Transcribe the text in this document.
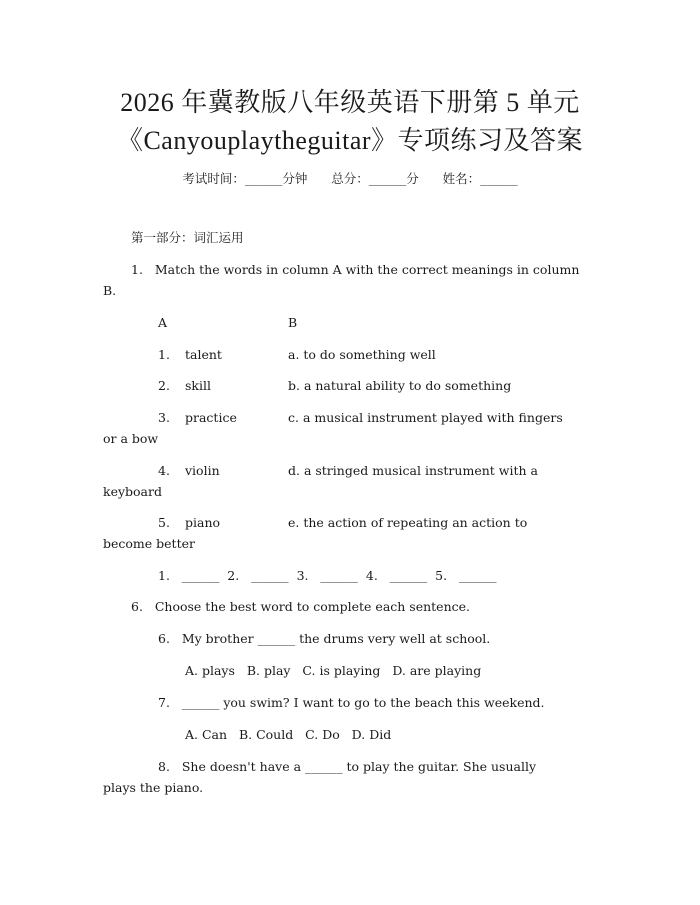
2026 年冀教版八年级英语下册第 5 单元
《Canyouplaytheguitar》专项练习及答案
考试时间：______分钟      总分：______分      姓名：______
第一部分：词汇运用
1.   Match the words in column A with the correct meanings in column
B.
A	B
1. talent	a. to do something well
2. skill	b. a natural ability to do something
3. practice	c. a musical instrument played with fingers
or a bow
4. violin	d. a stringed musical instrument with a
keyboard
5. piano	e. the action of repeating an action to
become better
1.   ______  2.   ______  3.   ______  4.   ______  5.   ______
6.   Choose the best word to complete each sentence.
6.   My brother ______ the drums very well at school.
A. plays   B. play   C. is playing   D. are playing
7.   ______ you swim? I want to go to the beach this weekend.
A. Can   B. Could   C. Do   D. Did
8.   She doesn't have a ______ to play the guitar. She usually
plays the piano.
